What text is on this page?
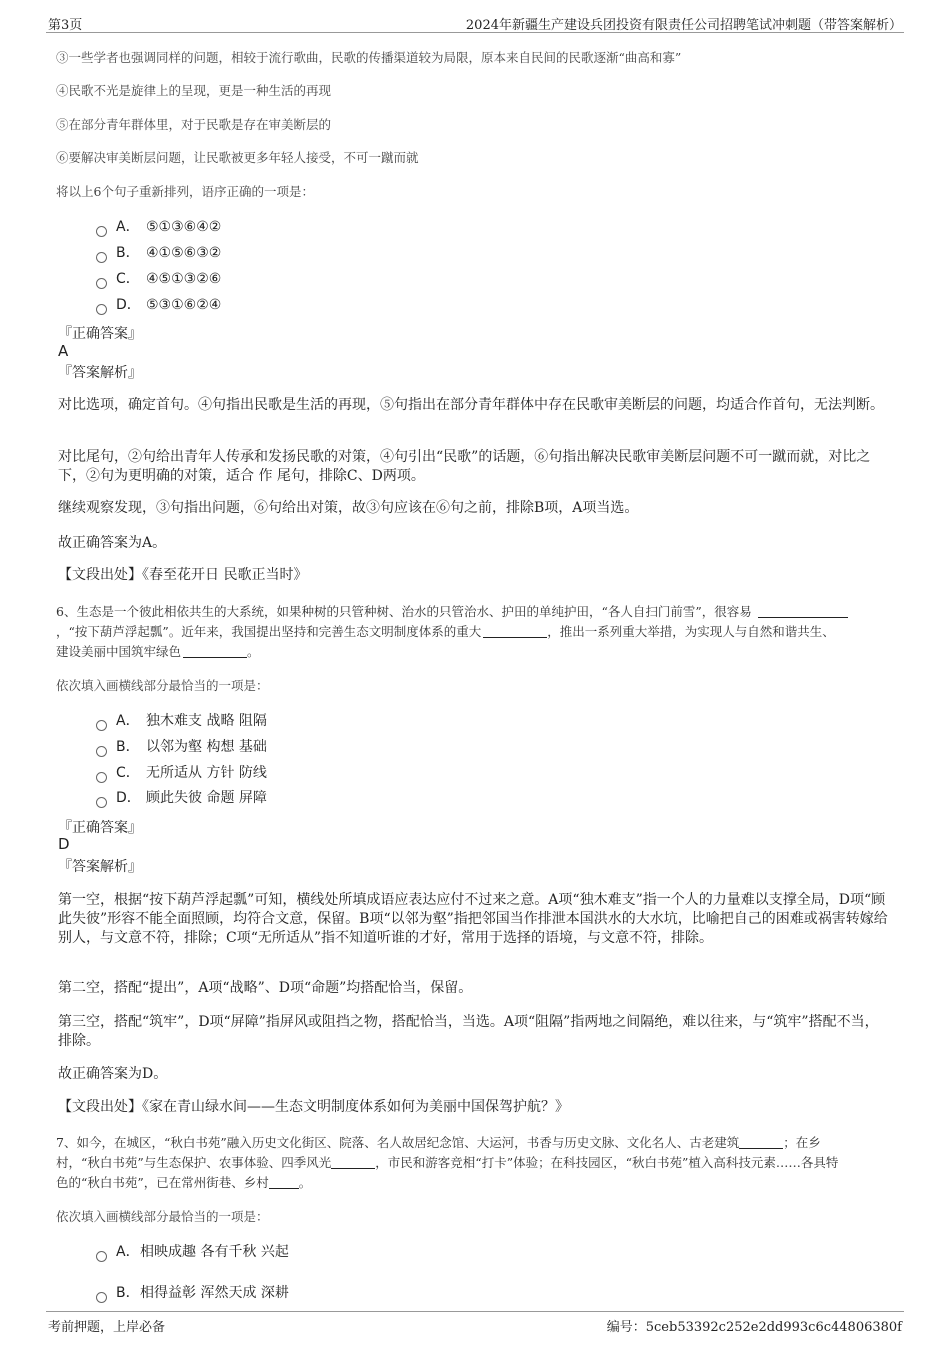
第3页	2024年新疆生产建设兵团投资有限责任公司招聘笔试冲刺题（带答案解析）
③一些学者也强调同样的问题，相较于流行歌曲，民歌的传播渠道较为局限，原本来自民间的民歌逐渐“曲高和寡”
④民歌不光是旋律上的呈现，更是一种生活的再现
⑤在部分青年群体里，对于民歌是存在审美断层的
⑥要解决审美断层问题，让民歌被更多年轻人接受，不可一蹴而就
将以上6个句子重新排列，语序正确的一项是：
A． ⑤①③⑥④②
B． ④①⑤⑥③②
C． ④⑤①③②⑥
D． ⑤③①⑥②④
『正确答案』
A
『答案解析』
对比选项，确定首句。④句指出民歌是生活的再现，⑤句指出在部分青年群体中存在民歌审美断层的问题，均适合作首句，无法判断。
对比尾句，②句给出青年人传承和发扬民歌的对策，④句引出“民歌”的话题，⑥句指出解决民歌审美断层问题不可一蹴而就，对比之下，②句为更明确的对策，适合 作 尾句，排除C、D两项。
继续观察发现，③句指出问题，⑥句给出对策，故③句应该在⑥句之前，排除B项，A项当选。
故正确答案为A。
【文段出处】《春至花开日 民歌正当时》
6、生态是一个彼此相依共生的大系统，如果种树的只管种树、治水的只管治水、护田的单纯护田，“各人自扫门前雪”，很容易
，“按下葫芦浮起瓢”。近年来，我国提出坚持和完善生态文明制度体系的重大	，推出一系列重大举措，为实现人与自然和谐共生、
建设美丽中国筑牢绿色	。
依次填入画横线部分最恰当的一项是：
A． 独木难支 战略 阻隔
B． 以邻为壑 构想 基础
C． 无所适从 方针 防线
D． 顾此失彼 命题 屏障
『正确答案』
D
『答案解析』
第一空，根据“按下葫芦浮起瓢”可知，横线处所填成语应表达应付不过来之意。A项“独木难支”指一个人的力量难以支撑全局，D项“顾此失彼”形容不能全面照顾，均符合文意，保留。B项“以邻为壑”指把邻国当作排泄本国洪水的大水坑，比喻把自己的困难或祸害转嫁给别人，与文意不符，排除；C项“无所适从”指不知道听谁的才好，常用于选择的语境，与文意不符，排除。
第二空，搭配“提出”，A项“战略”、D项“命题”均搭配恰当，保留。
第三空，搭配“筑牢”，D项“屏障”指屏风或阻挡之物，搭配恰当，当选。A项“阻隔”指两地之间隔绝，难以往来，与“筑牢”搭配不当，排除。
故正确答案为D。
【文段出处】《家在青山绿水间——生态文明制度体系如何为美丽中国保驾护航？》
7、如今，在城区，“秋白书苑”融入历史文化街区、院落、名人故居纪念馆、大运河，书香与历史文脉、文化名人、古老建筑	；在乡
村，“秋白书苑”与生态保护、农事体验、四季风光	，市民和游客竞相“打卡”体验；在科技园区，“秋白书苑”植入高科技元素……各具特
色的“秋白书苑”，已在常州街巷、乡村 。
依次填入画横线部分最恰当的一项是：
A．相映成趣 各有千秋 兴起
B．相得益彰 浑然天成 深耕
考前押题，上岸必备	编号：5ceb53392c252e2dd993c6c44806380f
